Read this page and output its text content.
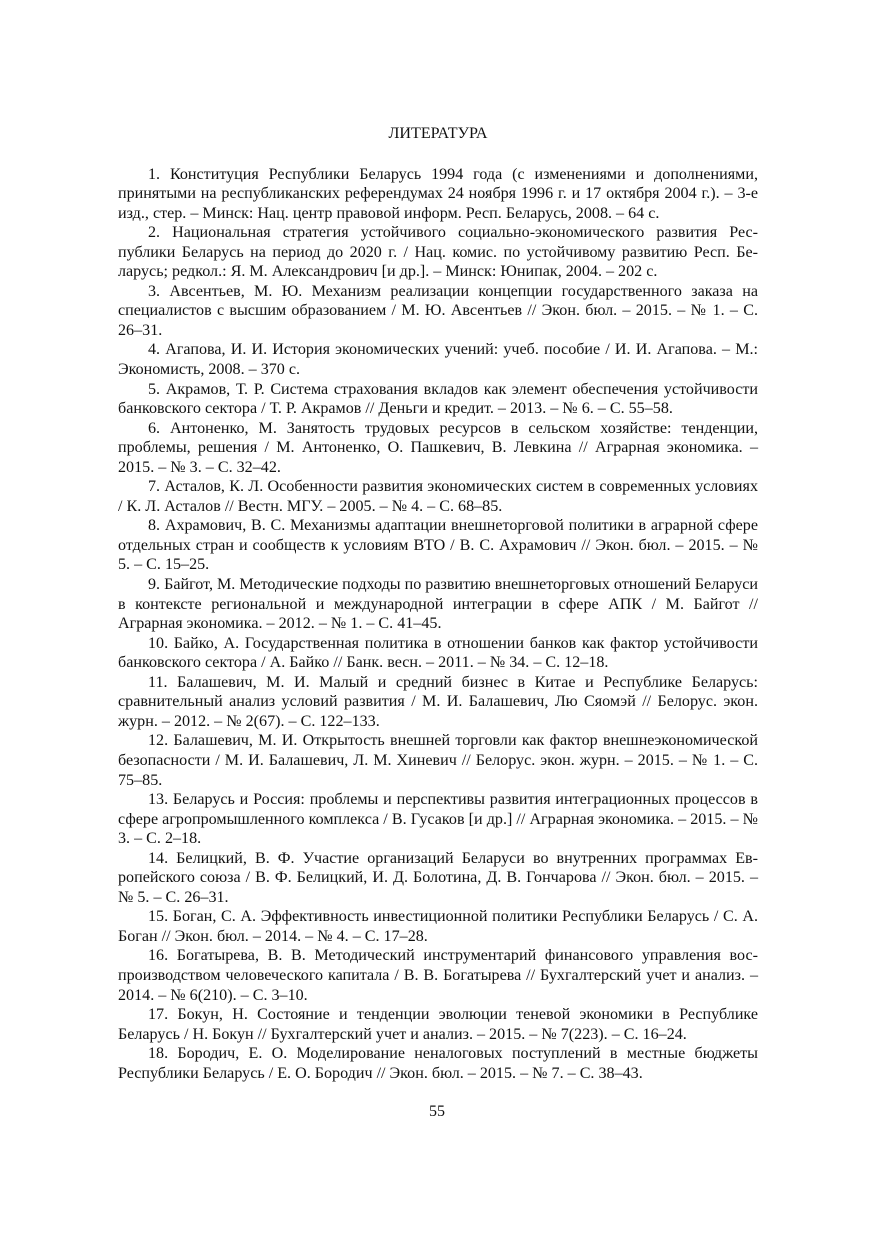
ЛИТЕРАТУРА

1. Конституция Республики Беларусь 1994 года (с изменениями и дополнениями, принятыми на республиканских референдумах 24 ноября 1996 г. и 17 октября 2004 г.). – 3-е изд., стер. – Минск: Нац. центр правовой информ. Респ. Беларусь, 2008. – 64 с.

2. Национальная стратегия устойчивого социально-экономического развития Республики Беларусь на период до 2020 г. / Нац. комис. по устойчивому развитию Респ. Беларусь; редкол.: Я. М. Александрович [и др.]. – Минск: Юнипак, 2004. – 202 с.

3. Авсентьев, М. Ю. Механизм реализации концепции государственного заказа на специалистов с высшим образованием / М. Ю. Авсентьев // Экон. бюл. – 2015. – № 1. – С. 26–31.

4. Агапова, И. И. История экономических учений: учеб. пособие / И. И. Агапова. – М.: Экономисть, 2008. – 370 с.

5. Акрамов, Т. Р. Система страхования вкладов как элемент обеспечения устойчивости банковского сектора / Т. Р. Акрамов // Деньги и кредит. – 2013. – № 6. – С. 55–58.

6. Антоненко, М. Занятость трудовых ресурсов в сельском хозяйстве: тенденции, проблемы, решения / М. Антоненко, О. Пашкевич, В. Левкина // Аграрная экономика. – 2015. – № 3. – С. 32–42.

7. Асталов, К. Л. Особенности развития экономических систем в современных условиях / К. Л. Асталов // Вестн. МГУ. – 2005. – № 4. – С. 68–85.

8. Ахрамович, В. С. Механизмы адаптации внешнеторговой политики в аграрной сфере отдельных стран и сообществ к условиям ВТО / В. С. Ахрамович // Экон. бюл. – 2015. – № 5. – С. 15–25.

9. Байгот, М. Методические подходы по развитию внешнеторговых отношений Беларуси в контексте региональной и международной интеграции в сфере АПК / М. Байгот // Аграрная экономика. – 2012. – № 1. – С. 41–45.

10. Байко, А. Государственная политика в отношении банков как фактор устойчивости банковского сектора / А. Байко // Банк. весн. – 2011. – № 34. – С. 12–18.

11. Балашевич, М. И. Малый и средний бизнес в Китае и Республике Беларусь: сравнительный анализ условий развития / М. И. Балашевич, Лю Сяомэй // Белорус. экон. журн. – 2012. – № 2(67). – С. 122–133.

12. Балашевич, М. И. Открытость внешней торговли как фактор внешнеэкономической безопасности / М. И. Балашевич, Л. М. Хиневич // Белорус. экон. журн. – 2015. – № 1. – С. 75–85.

13. Беларусь и Россия: проблемы и перспективы развития интеграционных процессов в сфере агропромышленного комплекса / В. Гусаков [и др.] // Аграрная экономика. – 2015. – № 3. – С. 2–18.

14. Белицкий, В. Ф. Участие организаций Беларуси во внутренних программах Европейского союза / В. Ф. Белицкий, И. Д. Болотина, Д. В. Гончарова // Экон. бюл. – 2015. – № 5. – С. 26–31.

15. Боган, С. А. Эффективность инвестиционной политики Республики Беларусь / С. А. Боган // Экон. бюл. – 2014. – № 4. – С. 17–28.

16. Богатырева, В. В. Методический инструментарий финансового управления воспроизводством человеческого капитала / В. В. Богатырева // Бухгалтерский учет и анализ. – 2014. – № 6(210). – С. 3–10.

17. Бокун, Н. Состояние и тенденции эволюции теневой экономики в Республике Беларусь / Н. Бокун // Бухгалтерский учет и анализ. – 2015. – № 7(223). – С. 16–24.

18. Бородич, Е. О. Моделирование неналоговых поступлений в местные бюджеты Республики Беларусь / Е. О. Бородич // Экон. бюл. – 2015. – № 7. – С. 38–43.

55
